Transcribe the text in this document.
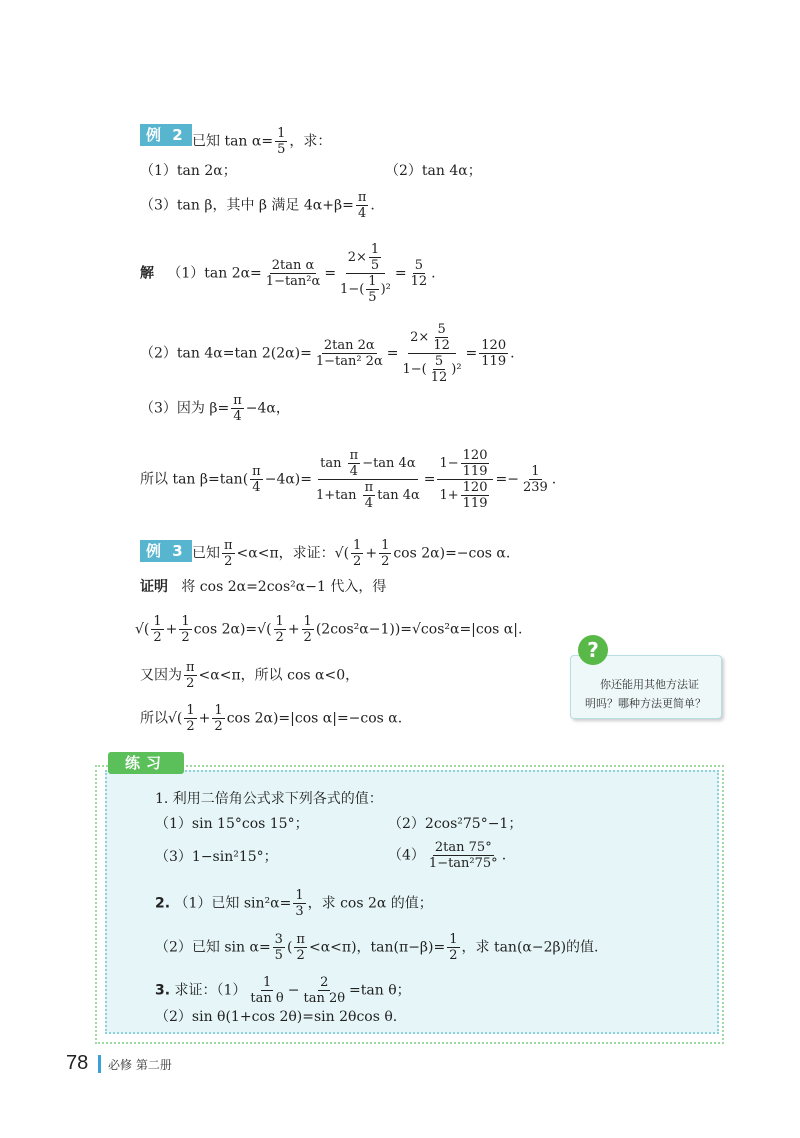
例 2 已知 $\tan \alpha= \frac{1}{5}$ ，求：
（1）tan 2α；	（2）tan 4α；
（3）tan β，其中 β 满足 $4\alpha+\beta= \frac{\pi}{4}$ .
解   （1）tan $2\alpha= \frac{\text{2tan α}}{\text{1−tan²α}} = \frac{2\times \frac{1}{5}}{1-( \frac{1}{5} )^2} = \frac{5}{12}$ .
（2）tan 4α=tan $2(2\alpha)= \frac{2\tan 2\alpha}{\text{1−tan² 2α}} = \frac{2\times \frac{5}{12}}{1-( \frac{5}{12} )^2} = \frac{120}{119}$ .
（3）因为 $\beta= \frac{\pi}{4} -4\alpha$，
所以 $\tan \beta=\tan( \frac{\pi}{4} -4\alpha)= \frac{\tan \frac{\pi}{4} -\tan 4\alpha}{1+\tan \frac{\pi}{4} \tan 4\alpha} = \frac{1- \frac{120}{119}}{1+ \frac{120}{119}} =- \frac{1}{239}$ .
例 3 已知 $\frac{\pi}{2} <\alpha<\pi$，求证：√( $\frac{1}{2} + \frac{1}{2}$ cos 2α)=−cos α.
证明 将 cos 2α=2cos²α−1 代入，得
√( $\frac{1}{2} + \frac{1}{2}$ $\cos 2\alpha)=√( \frac{1}{2} + \frac{1}{2} (2\cos^2\alpha-1))=√\cos^2\alpha=|\cos$ α|.
又因为 $\frac{\pi}{2} <\alpha<\pi$，所以 cos α<0，
所以√( $\frac{1}{2} + \frac{1}{2}$ cos 2α)=|cos α|=−cos α.
?
你还能用其他方法证
明吗？哪种方法更简单？
练习
1. 利用二倍角公式求下列各式的值：
（1）sin 15°cos 15°；	（2）2cos²75°−1；
（3）1−sin²15°；	$(4) \frac{2\tan 75^\circ}{\text{1−tan²75°}}$ .
2. （1）已知 $\sin^2\alpha= \frac{1}{3}$ ，求 cos 2α 的值；
（2）已知 $\sin \alpha= \frac{3}{5}$ ( $\frac{\pi}{2} <\alpha<\pi$)，$\tan(\pi-\beta)= \frac{1}{2}$ ，求 tan(α−2β)的值.
3. 求证：$(1) \frac{1}{\text{tan θ}} - \frac{2}{\tan 2\theta} =\tan$ θ；
（2）sin θ(1+cos 2θ)=sin 2θcos θ.
78 必修 第二册
